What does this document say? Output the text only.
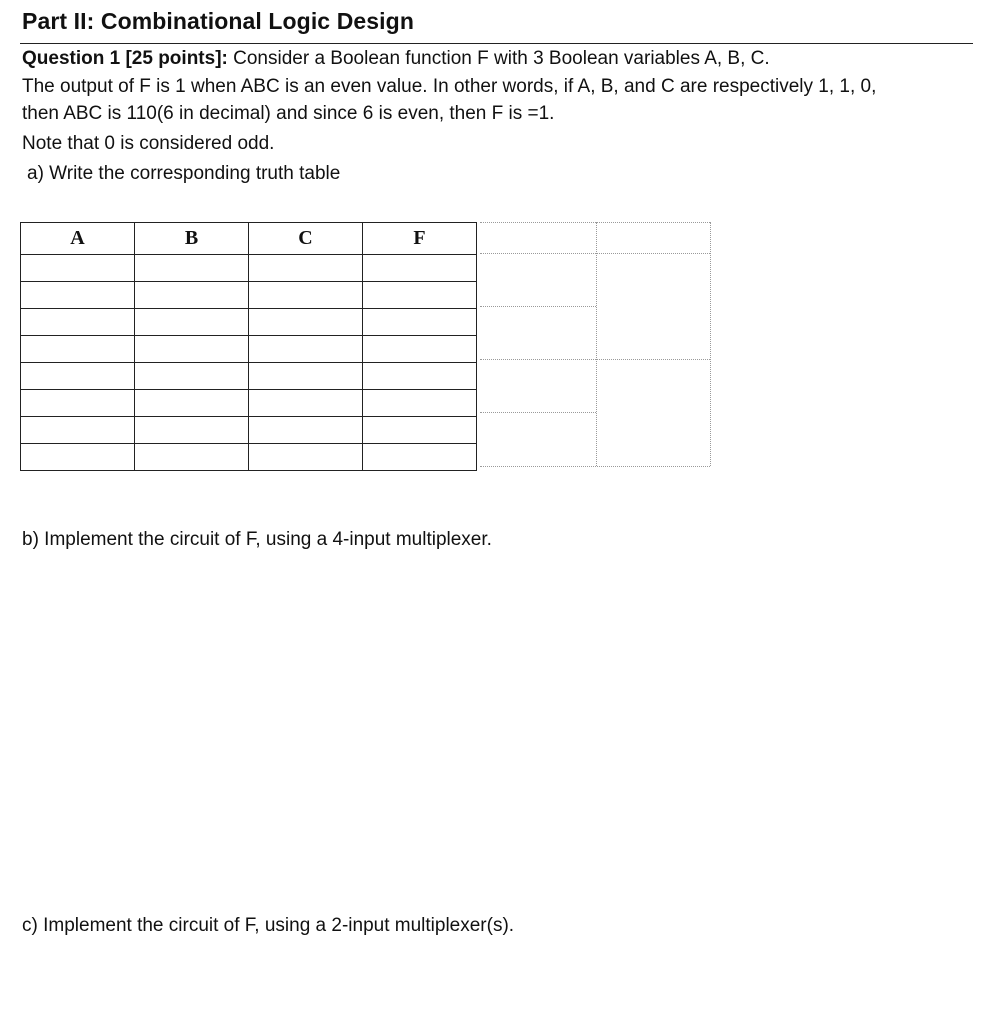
Part II: Combinational Logic Design
Question 1 [25 points]: Consider a Boolean function F with 3 Boolean variables A, B, C.
The output of F is 1 when ABC is an even value. In other words, if A, B, and C are respectively 1, 1, 0,
then ABC is 110(6 in decimal) and since 6 is even, then F is =1.
Note that 0 is considered odd.
a) Write the corresponding truth table
A	B	C	F

b) Implement the circuit of F, using a 4-input multiplexer.
c) Implement the circuit of F, using a 2-input multiplexer(s).
